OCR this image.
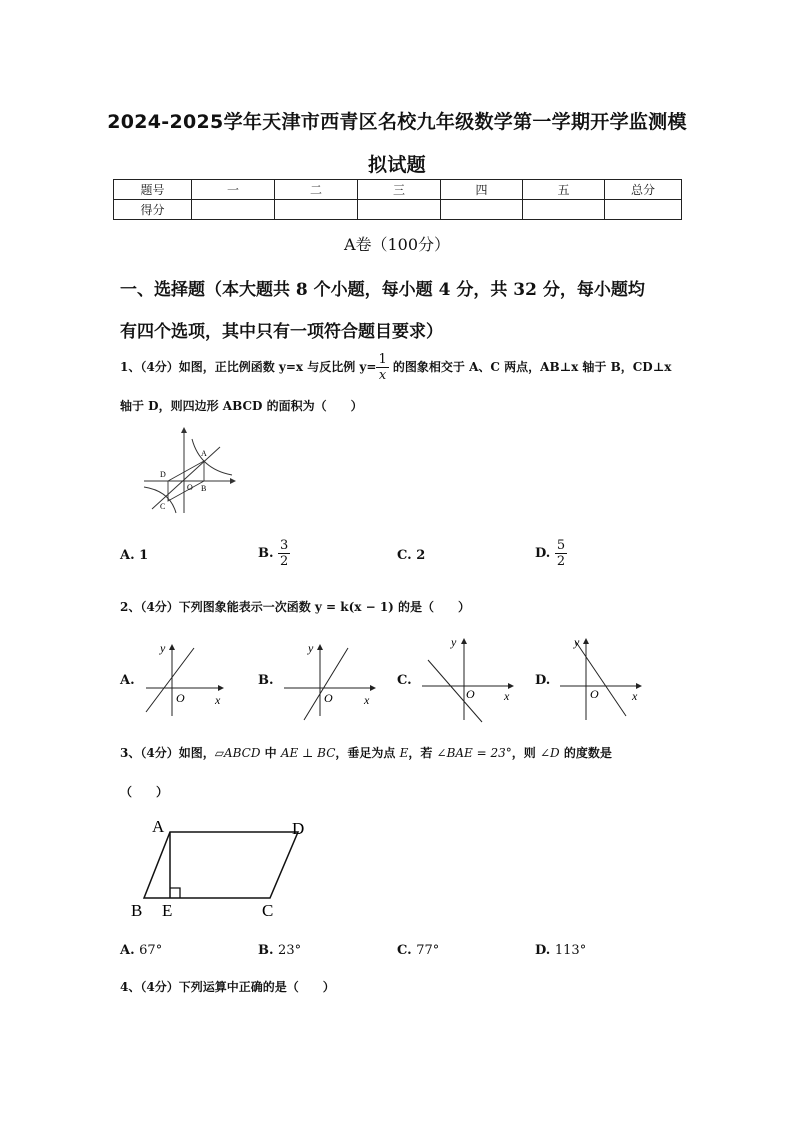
2024-2025学年天津市西青区名校九年级数学第一学期开学监测模
拟试题
题号	一	二	三	四	五	总分
得分						
A卷（100分）
一、选择题（本大题共 8 个小题，每小题 4 分，共 32 分，每小题均
有四个选项，其中只有一项符合题目要求）
1、（4分）如图，正比例函数 y=x 与反比例 $y= \frac{1}{x}$ 的图象相交于 A、C 两点，AB⊥x 轴于 B，CD⊥x
轴于 D，则四边形 ABCD 的面积为（　　）
A
B
C
D
O
A. 1	B. $\frac{3}{2}$	C. 2	D. $\frac{5}{2}$
2、（4分）下列图象能表示一次函数 y = k(x − 1) 的是（　　）
A.
y
x
O
B.
y
x
O
C.
y
x
O
D.
y
x
O
3、（4分）如图，▱ABCD 中 AE ⊥ BC，垂足为点 E，若 ∠BAE = 23°，则 ∠D 的度数是
（　　）
A	D
B E	C
A. 67°	B. 23°	C. 77°	D. 113°
4、（4分）下列运算中正确的是（　　）
